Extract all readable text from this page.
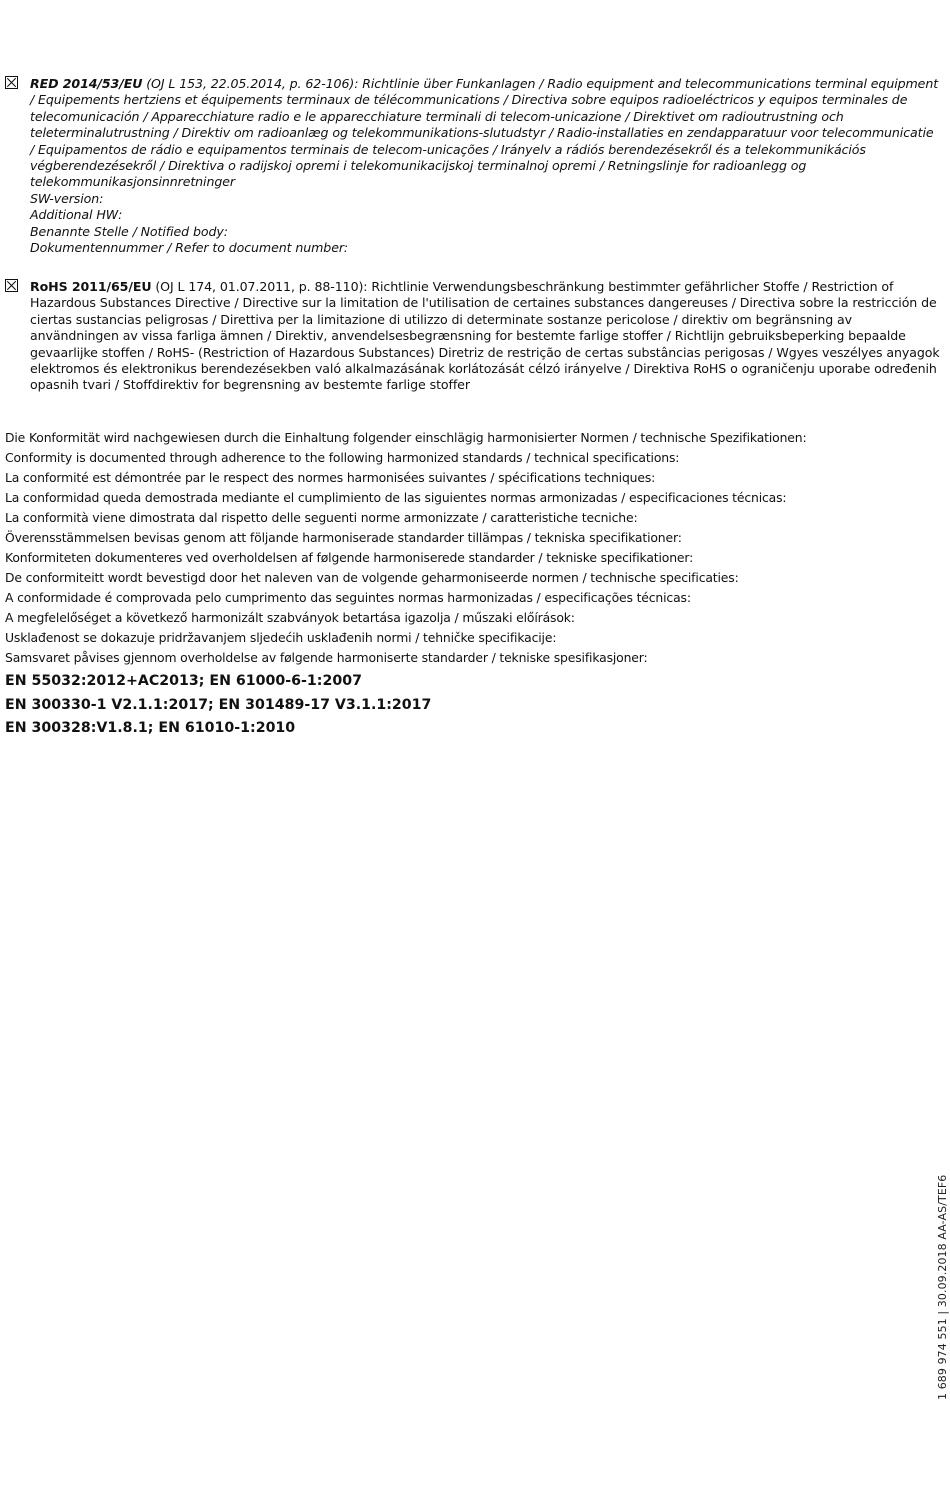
RED 2014/53/EU (OJ L 153, 22.05.2014, p. 62-106): Richtlinie über Funkanlagen / Radio equipment and telecommunications terminal equipment / Equipements hertziens et équipements terminaux de télécommunications / Directiva sobre equipos radioeléctricos y equipos terminales de telecomunicación / Apparecchiature radio e le apparecchiature terminali di telecom-unicazione / Direktivet om radioutrustning och teleterminalutrustning / Direktiv om radioanlæg og telekommunikations-slutudstyr / Radio-installaties en zendapparatuur voor telecommunicatie / Equipamentos de rádio e equipamentos terminais de telecom-unicações / Irányelv a rádiós berendezésekről és a telekommunikációs végberendezésekről / Direktiva o radijskoj opremi i telekomunikacijskoj terminalnoj opremi / Retningslinje for radioanlegg og telekommunikasjonsinnretninger
SW-version:
Additional HW:
Benannte Stelle / Notified body:
Dokumentennummer / Refer to document number:
RoHS 2011/65/EU (OJ L 174, 01.07.2011, p. 88-110): Richtlinie Verwendungsbeschränkung bestimmter gefährlicher Stoffe / Restriction of Hazardous Substances Directive / Directive sur la limitation de l'utilisation de certaines substances dangereuses / Directiva sobre la restricción de ciertas sustancias peligrosas / Direttiva per la limitazione di utilizzo di determinate sostanze pericolose / direktiv om begränsning av användningen av vissa farliga ämnen / Direktiv, anvendelsesbegrænsning for bestemte farlige stoffer / Richtlijn gebruiksbeperking bepaalde gevaarlijke stoffen / RoHS- (Restriction of Hazardous Substances) Diretriz de restrição de certas substâncias perigosas / Wgyes veszélyes anyagok elektromos és elektronikus berendezésekben való alkalmazásának korlátozását célzó irányelve / Direktiva RoHS o ograničenju uporabe određenih opasnih tvari / Stoffdirektiv for begrensning av bestemte farlige stoffer
Die Konformität wird nachgewiesen durch die Einhaltung folgender einschlägig harmonisierter Normen / technische Spezifikationen:
Conformity is documented through adherence to the following harmonized standards / technical specifications:
La conformité est démontrée par le respect des normes harmonisées suivantes / spécifications techniques:
La conformidad queda demostrada mediante el cumplimiento de las siguientes normas armonizadas / especificaciones técnicas:
La conformità viene dimostrata dal rispetto delle seguenti norme armonizzate / caratteristiche tecniche:
Överensstämmelsen bevisas genom att följande harmoniserade standarder tillämpas / tekniska specifikationer:
Konformiteten dokumenteres ved overholdelsen af følgende harmoniserede standarder / tekniske specifikationer:
De conformiteitt wordt bevestigd door het naleven van de volgende geharmoniseerde normen / technische specificaties:
A conformidade é comprovada pelo cumprimento das seguintes normas harmonizadas / especificações técnicas:
A megfelelőséget a következő harmonizált szabványok betartása igazolja / műszaki előírások:
Usklađenost se dokazuje pridržavanjem sljedećih usklađenih normi / tehničke specifikacije:
Samsvaret påvises gjennom overholdelse av følgende harmoniserte standarder / tekniske spesifikasjoner:
EN 55032:2012+AC2013; EN 61000-6-1:2007
EN 300330-1 V2.1.1:2017; EN 301489-17 V3.1.1:2017
EN 300328:V1.8.1; EN 61010-1:2010
1 689 974 551 | 30.09.2018 AA-AS/TEF6
